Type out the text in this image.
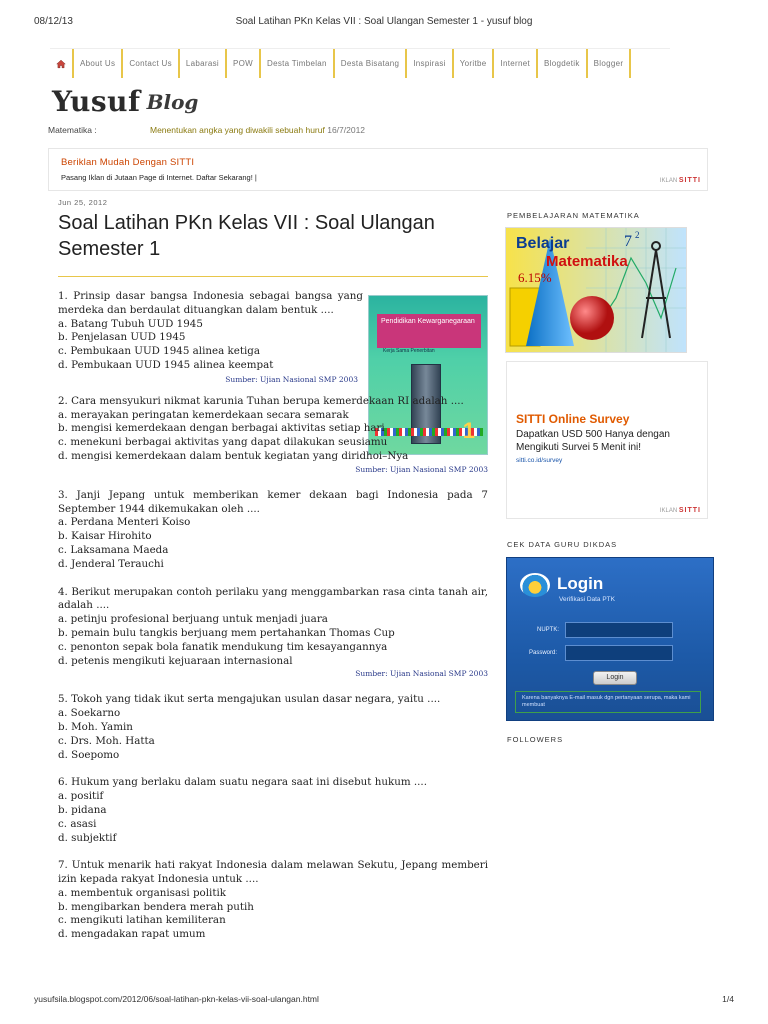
08/12/13	Soal Latihan PKn Kelas VII : Soal Ulangan Semester 1 - yusuf blog
About Us	Contact Us	Labarasi	POW	Desta Timbelan	Desta Bisatang	Inspirasi	Yoritbe	Internet	Blogdetik	Blogger
Yusuf Blog
Matematika :	Menentukan angka yang diwakili sebuah huruf 16/7/2012
Beriklan Mudah Dengan SITTI
Pasang Iklan di Jutaan Page di Internet. Daftar Sekarang! |	IKLAN SITTI
Jun 25, 2012
Soal Latihan PKn Kelas VII : Soal Ulangan Semester 1
Pendidikan Kewarganegaraan
Kerja Sama Penerbitan
1
1. Prinsip dasar bangsa Indonesia sebagai bangsa yang merdeka dan berdaulat dituangkan dalam bentuk ....
a. Batang Tubuh UUD 1945
b. Penjelasan UUD 1945
c. Pembukaan UUD 1945 alinea ketiga
d. Pembukaan UUD 1945 alinea keempat
Sumber: Ujian Nasional SMP 2003
2. Cara mensyukuri nikmat karunia Tuhan berupa kemerdekaan RI adalah ....
a. merayakan peringatan kemerdekaan secara semarak
b. mengisi kemerdekaan dengan berbagai aktivitas setiap hari
c. menekuni berbagai aktivitas yang dapat dilakukan seusiamu
d. mengisi kemerdekaan dalam bentuk kegiatan yang diridhoi–Nya
Sumber: Ujian Nasional SMP 2003
3. Janji Jepang untuk memberikan kemer dekaan bagi Indonesia pada 7 September 1944 dikemukakan oleh ....
a. Perdana Menteri Koiso
b. Kaisar Hirohito
c. Laksamana Maeda
d. Jenderal Terauchi
4. Berikut merupakan contoh perilaku yang menggambarkan rasa cinta tanah air, adalah ....
a. petinju profesional berjuang untuk menjadi juara
b. pemain bulu tangkis berjuang mem pertahankan Thomas Cup
c. penonton sepak bola fanatik mendukung tim kesayangannya
d. petenis mengikuti kejuaraan internasional
Sumber: Ujian Nasional SMP 2003
5. Tokoh yang tidak ikut serta mengajukan usulan dasar negara, yaitu ....
a. Soekarno
b. Moh. Yamin
c. Drs. Moh. Hatta
d. Soepomo
6. Hukum yang berlaku dalam suatu negara saat ini disebut hukum ....
a. positif
b. pidana
c. asasi
d. subjektif
7. Untuk menarik hati rakyat Indonesia dalam melawan Sekutu, Jepang memberi izin kepada rakyat Indonesia untuk ....
a. membentuk organisasi politik
b. mengibarkan bendera merah putih
c. mengikuti latihan kemiliteran
d. mengadakan rapat umum
PEMBELAJARAN MATEMATIKA
Belajar
Matematika
6.15%
7 2
SITTI Online Survey
Dapatkan USD 500 Hanya dengan Mengikuti Survei 5 Menit ini!
sitti.co.id/survey
IKLAN SITTI
CEK DATA GURU DIKDAS
Login
Verifikasi Data PTK
NUPTK:
Password:
Login
Karena banyaknya E-mail masuk dgn pertanyaan serupa, maka kami membuat
FOLLOWERS
yusufsila.blogspot.com/2012/06/soal-latihan-pkn-kelas-vii-soal-ulangan.html	1/4
